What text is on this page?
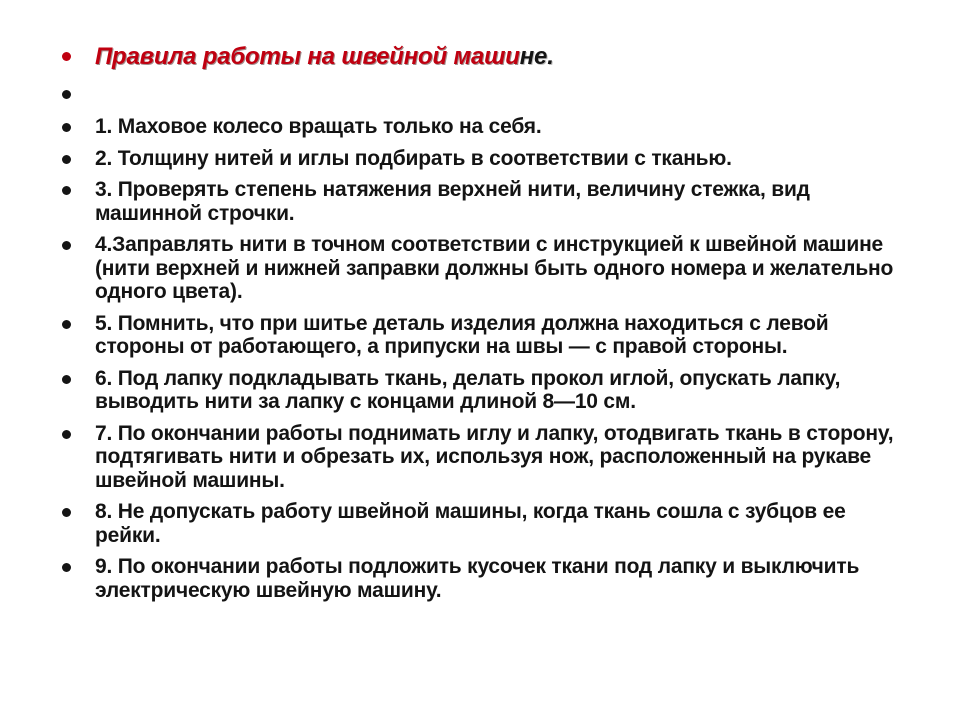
Правила работы на швейной машине.
1. Маховое колесо вращать только на себя.
2. Толщину нитей и иглы подбирать в соответствии с тканью.
3. Проверять степень натяжения верхней нити, величину стежка, вид машинной строчки.
4.Заправлять нити в точном соответствии с инструкцией к швейной машине (нити верхней и нижней заправки должны быть одного номера и желательно одного цвета).
5. Помнить, что при шитье деталь изделия должна находиться с левой стороны от работающего, а припуски на швы — с правой стороны.
6. Под лапку подкладывать ткань, делать прокол иглой, опускать лапку, выводить нити за лапку с концами длиной 8—10 см.
7. По окончании работы поднимать иглу и лапку, отодвигать ткань в сторону, подтягивать нити и обрезать их, используя нож, расположенный на рукаве швейной машины.
8. Не допускать работу швейной машины, когда ткань сошла с зубцов ее рейки.
9. По окончании работы подложить кусочек ткани под лапку и выключить электрическую швейную машину.
